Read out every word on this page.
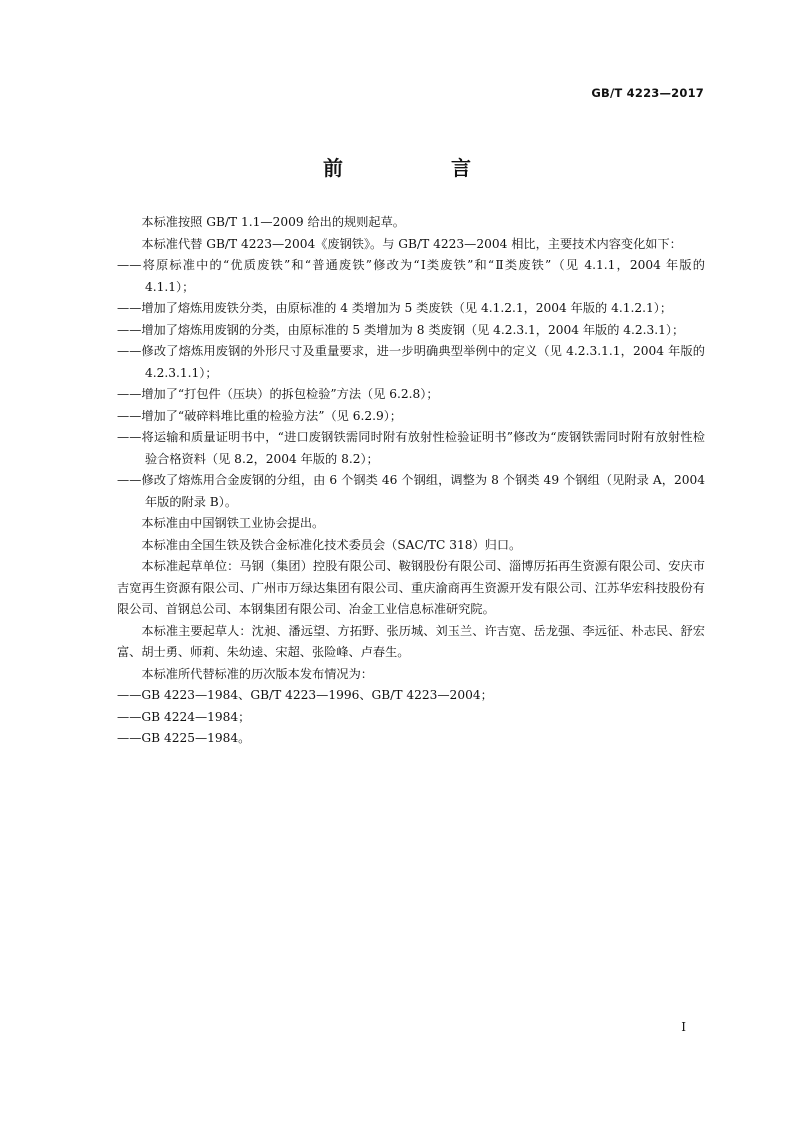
GB/T 4223—2017
前　言

本标准按照 GB/T 1.1—2009 给出的规则起草。

本标准代替 GB/T 4223—2004《废钢铁》。与 GB/T 4223—2004 相比，主要技术内容变化如下：

——将原标准中的“优质废铁”和“普通废铁”修改为“Ⅰ类废铁”和“Ⅱ类废铁”（见 4.1.1，2004 年版的 4.1.1）；

——增加了熔炼用废铁分类，由原标准的 4 类增加为 5 类废铁（见 4.1.2.1，2004 年版的 4.1.2.1）；

——增加了熔炼用废钢的分类，由原标准的 5 类增加为 8 类废钢（见 4.2.3.1，2004 年版的 4.2.3.1）；

——修改了熔炼用废钢的外形尺寸及重量要求，进一步明确典型举例中的定义（见 4.2.3.1.1，2004 年版的 4.2.3.1.1）；

——增加了“打包件（压块）的拆包检验”方法（见 6.2.8）；

——增加了“破碎料堆比重的检验方法”（见 6.2.9）；

——将运输和质量证明书中，“进口废钢铁需同时附有放射性检验证明书”修改为“废钢铁需同时附有放射性检验合格资料（见 8.2，2004 年版的 8.2）；

——修改了熔炼用合金废钢的分组，由 6 个钢类 46 个钢组，调整为 8 个钢类 49 个钢组（见附录 A，2004 年版的附录 B）。

本标准由中国钢铁工业协会提出。

本标准由全国生铁及铁合金标准化技术委员会（SAC/TC 318）归口。

本标准起草单位：马钢（集团）控股有限公司、鞍钢股份有限公司、淄博厉拓再生资源有限公司、安庆市吉宽再生资源有限公司、广州市万绿达集团有限公司、重庆渝商再生资源开发有限公司、江苏华宏科技股份有限公司、首钢总公司、本钢集团有限公司、冶金工业信息标准研究院。

本标准主要起草人：沈昶、潘远望、方拓野、张历城、刘玉兰、许吉宽、岳龙强、李远征、朴志民、舒宏富、胡士勇、师莉、朱幼逵、宋超、张险峰、卢春生。

本标准所代替标准的历次版本发布情况为：

——GB 4223—1984、GB/T 4223—1996、GB/T 4223—2004；

——GB 4224—1984；

——GB 4225—1984。

Ⅰ
